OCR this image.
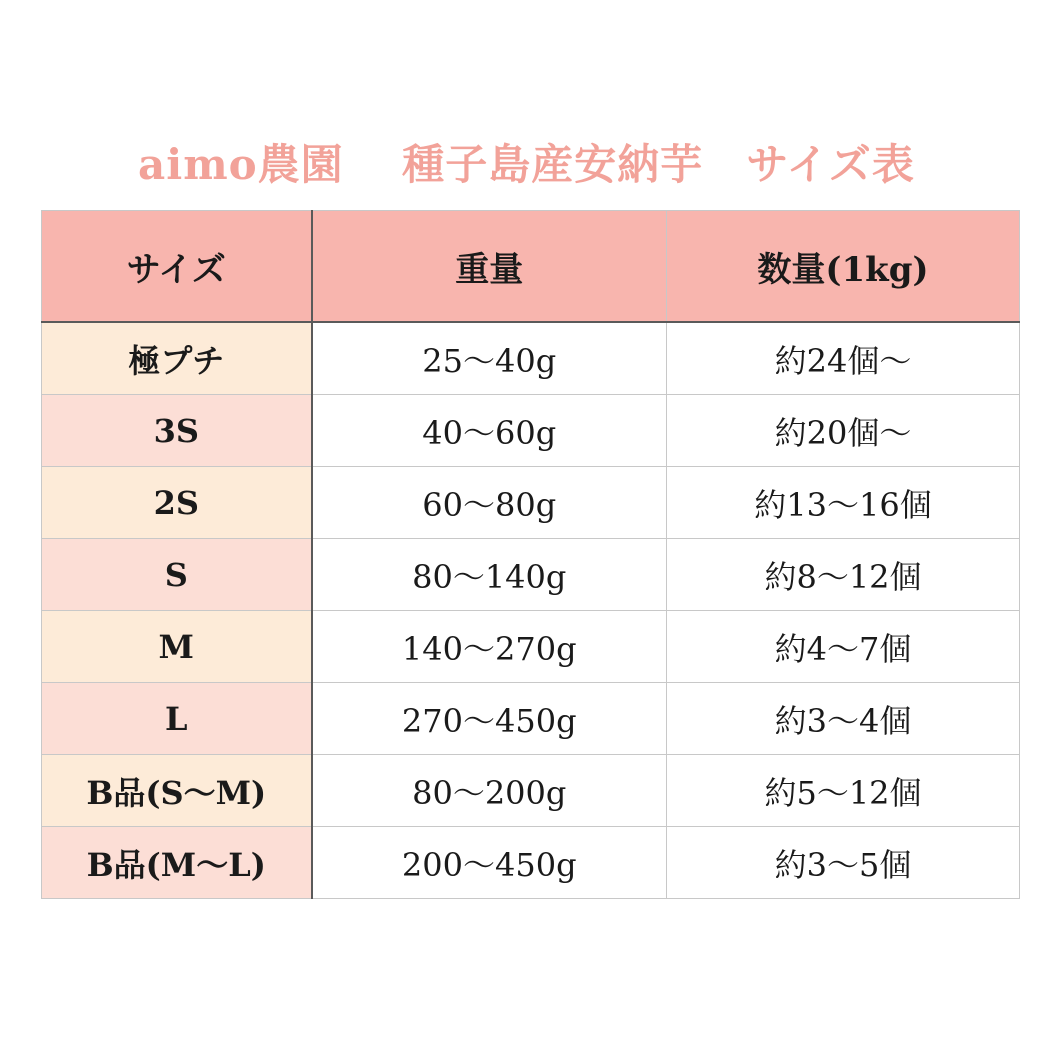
aimo農園　 種子島産安納芋　サイズ表
サイズ	重量	数量(1kg)
極プチ	25〜40g	約24個〜
3S	40〜60g	約20個〜
2S	60〜80g	約13〜16個
S	80〜140g	約8〜12個
M	140〜270g	約4〜7個
L	270〜450g	約3〜4個
B品(S〜M)	80〜200g	約5〜12個
B品(M〜L)	200〜450g	約3〜5個
